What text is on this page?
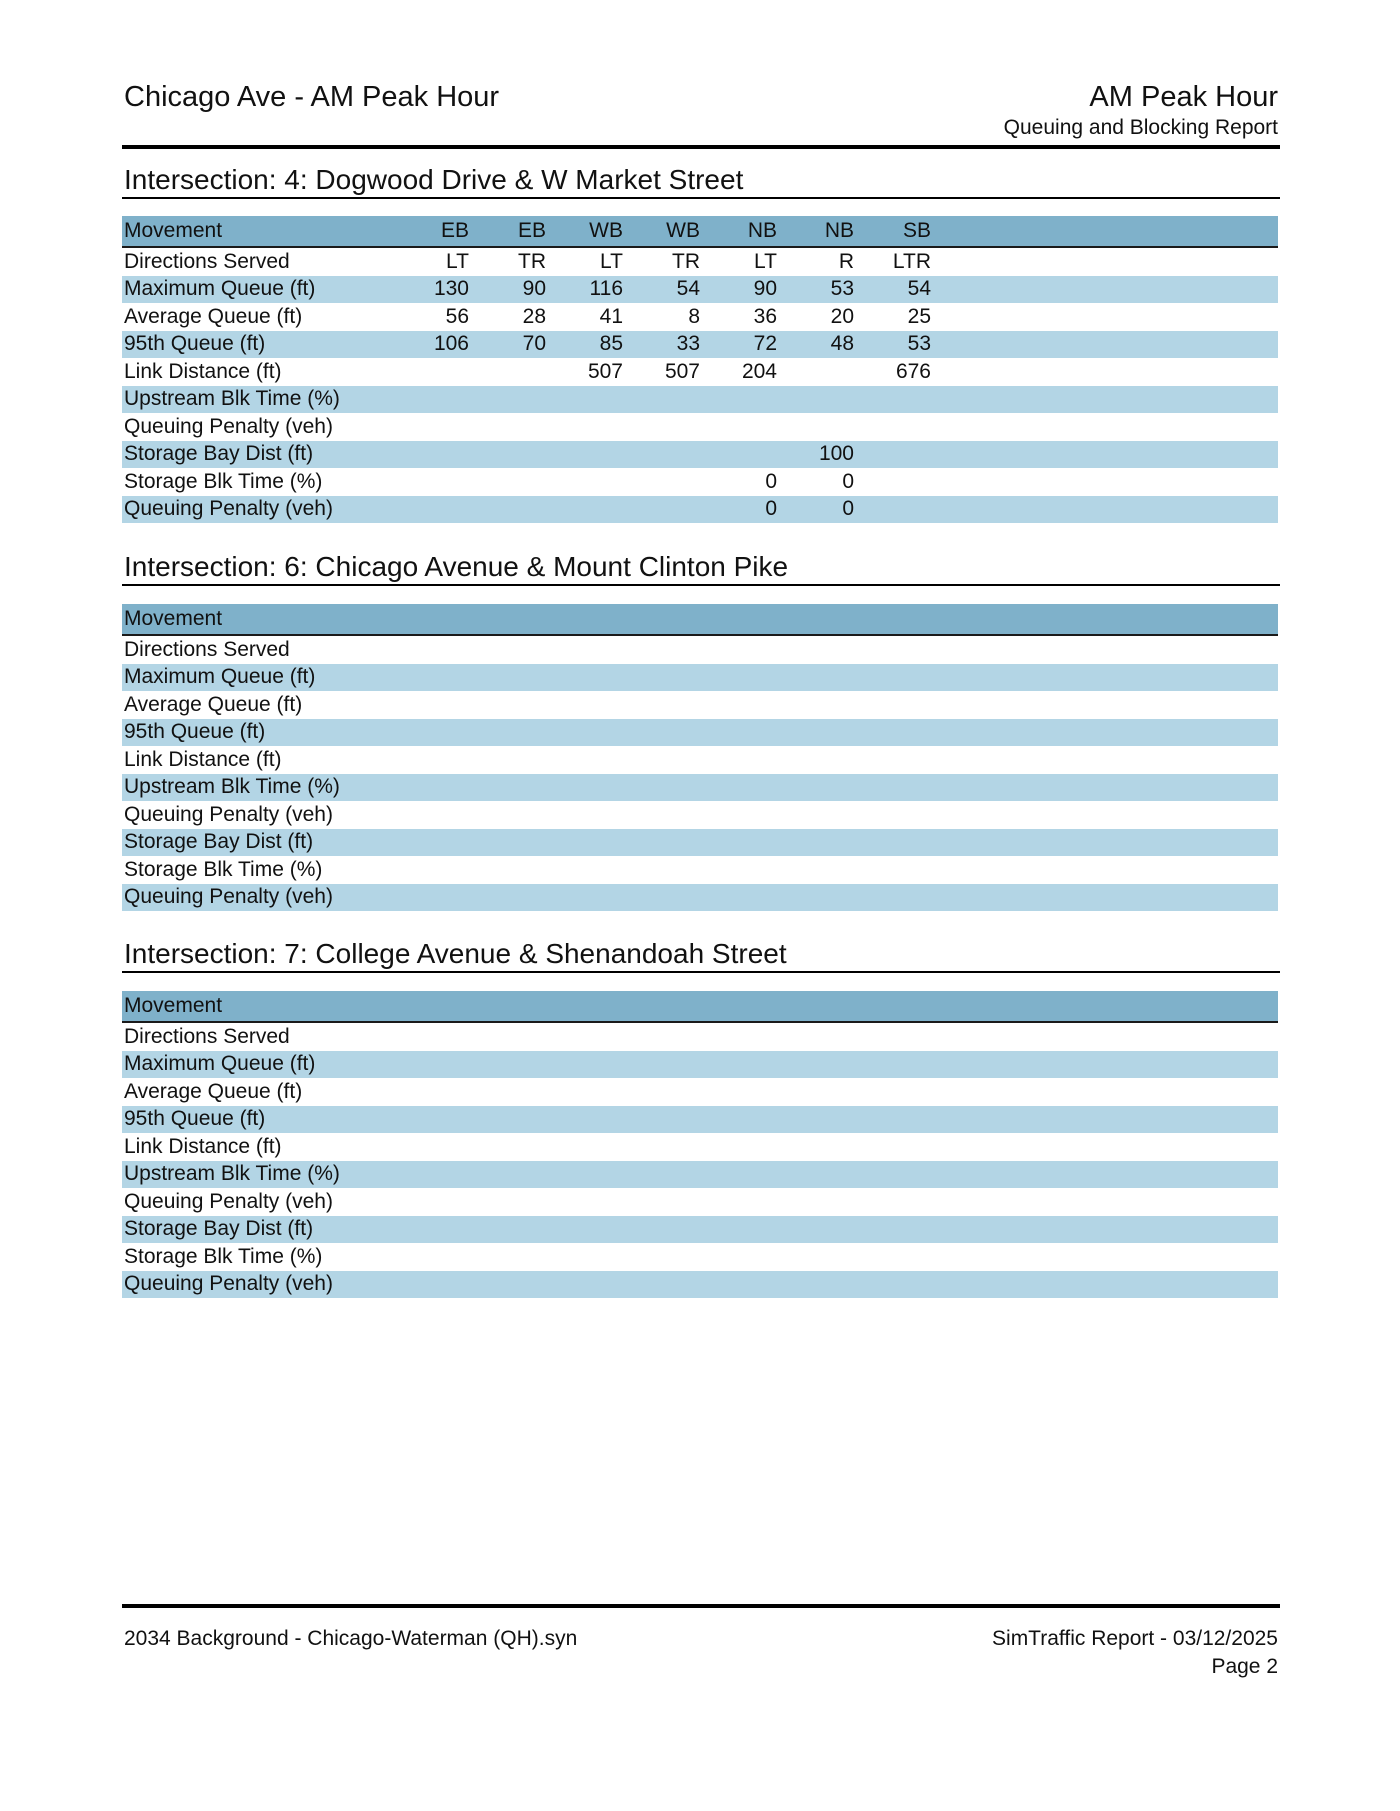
Chicago Ave - AM Peak Hour	AM Peak Hour
Queuing and Blocking Report
Intersection: 4: Dogwood Drive & W Market Street
Movement	EB	EB	WB	WB	NB	NB	SB	
Directions Served	LT	TR	LT	TR	LT	R	LTR	
Maximum Queue (ft)	130	90	116	54	90	53	54	
Average Queue (ft)	56	28	41	8	36	20	25	
95th Queue (ft)	106	70	85	33	72	48	53	
Link Distance (ft)			507	507	204		676	
Upstream Blk Time (%)								
Queuing Penalty (veh)								
Storage Bay Dist (ft)						100		
Storage Blk Time (%)					0	0		
Queuing Penalty (veh)					0	0		
Intersection: 6: Chicago Avenue & Mount Clinton Pike
Movement								
Directions Served								
Maximum Queue (ft)								
Average Queue (ft)								
95th Queue (ft)								
Link Distance (ft)								
Upstream Blk Time (%)								
Queuing Penalty (veh)								
Storage Bay Dist (ft)								
Storage Blk Time (%)								
Queuing Penalty (veh)								
Intersection: 7: College Avenue & Shenandoah Street
Movement								
Directions Served								
Maximum Queue (ft)								
Average Queue (ft)								
95th Queue (ft)								
Link Distance (ft)								
Upstream Blk Time (%)								
Queuing Penalty (veh)								
Storage Bay Dist (ft)								
Storage Blk Time (%)								
Queuing Penalty (veh)								
2034 Background - Chicago-Waterman (QH).syn	SimTraffic Report - 03/12/2025
Page 2
